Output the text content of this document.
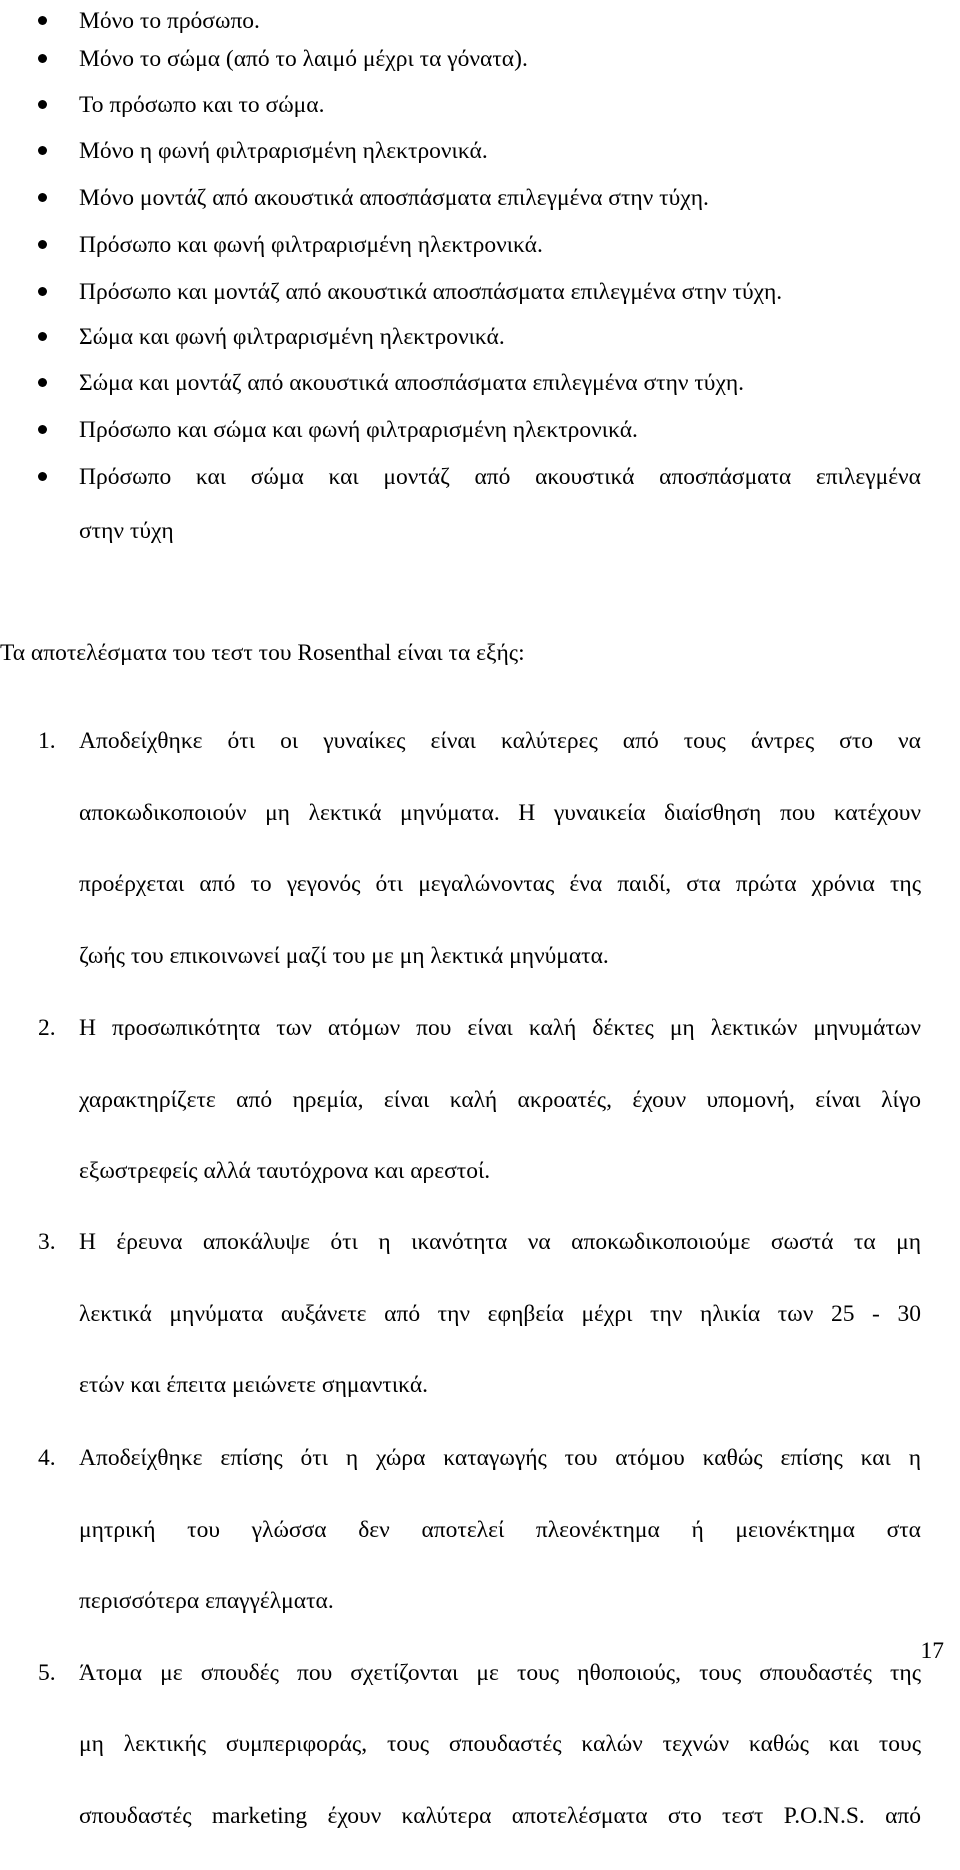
Μόνο το πρόσωπο.
Μόνο το σώμα (από το λαιμό μέχρι τα γόνατα).
Το πρόσωπο και το σώμα.
Μόνο η φωνή φιλτραρισμένη ηλεκτρονικά.
Μόνο μοντάζ από ακουστικά αποσπάσματα επιλεγμένα στην τύχη.
Πρόσωπο και φωνή φιλτραρισμένη ηλεκτρονικά.
Πρόσωπο και μοντάζ από ακουστικά αποσπάσματα επιλεγμένα στην τύχη.
Σώμα και φωνή φιλτραρισμένη ηλεκτρονικά.
Σώμα και μοντάζ από ακουστικά αποσπάσματα επιλεγμένα στην τύχη.
Πρόσωπο και σώμα και φωνή φιλτραρισμένη ηλεκτρονικά.
Πρόσωπο και σώμα και μοντάζ από ακουστικά αποσπάσματα επιλεγμένα
στην τύχη

Τα αποτελέσματα του τεστ του Rosenthal είναι τα εξής:

1. Αποδείχθηκε ότι οι γυναίκες είναι καλύτερες από τους άντρες στο να
αποκωδικοποιούν μη λεκτικά μηνύματα. Η γυναικεία διαίσθηση που κατέχουν
προέρχεται από το γεγονός ότι μεγαλώνοντας ένα παιδί, στα πρώτα χρόνια της
ζωής του επικοινωνεί μαζί του με μη λεκτικά μηνύματα.
2. Η προσωπικότητα των ατόμων που είναι καλή δέκτες μη λεκτικών μηνυμάτων
χαρακτηρίζετε από ηρεμία, είναι καλή ακροατές, έχουν υπομονή, είναι λίγο
εξωστρεφείς αλλά ταυτόχρονα και αρεστοί.
3. Η έρευνα αποκάλυψε ότι η ικανότητα να αποκωδικοποιούμε σωστά τα μη
λεκτικά μηνύματα αυξάνετε από την εφηβεία μέχρι την ηλικία των 25 - 30
ετών και έπειτα μειώνετε σημαντικά.
4. Αποδείχθηκε επίσης ότι η χώρα καταγωγής του ατόμου καθώς επίσης και η
μητρική του γλώσσα δεν αποτελεί πλεονέκτημα ή μειονέκτημα στα
περισσότερα επαγγέλματα.
17
5. Άτομα με σπουδές που σχετίζονται με τους ηθοποιούς, τους σπουδαστές της
μη λεκτικής συμπεριφοράς, τους σπουδαστές καλών τεχνών καθώς και τους
σπουδαστές marketing έχουν καλύτερα αποτελέσματα στο τεστ P.O.N.S. από
